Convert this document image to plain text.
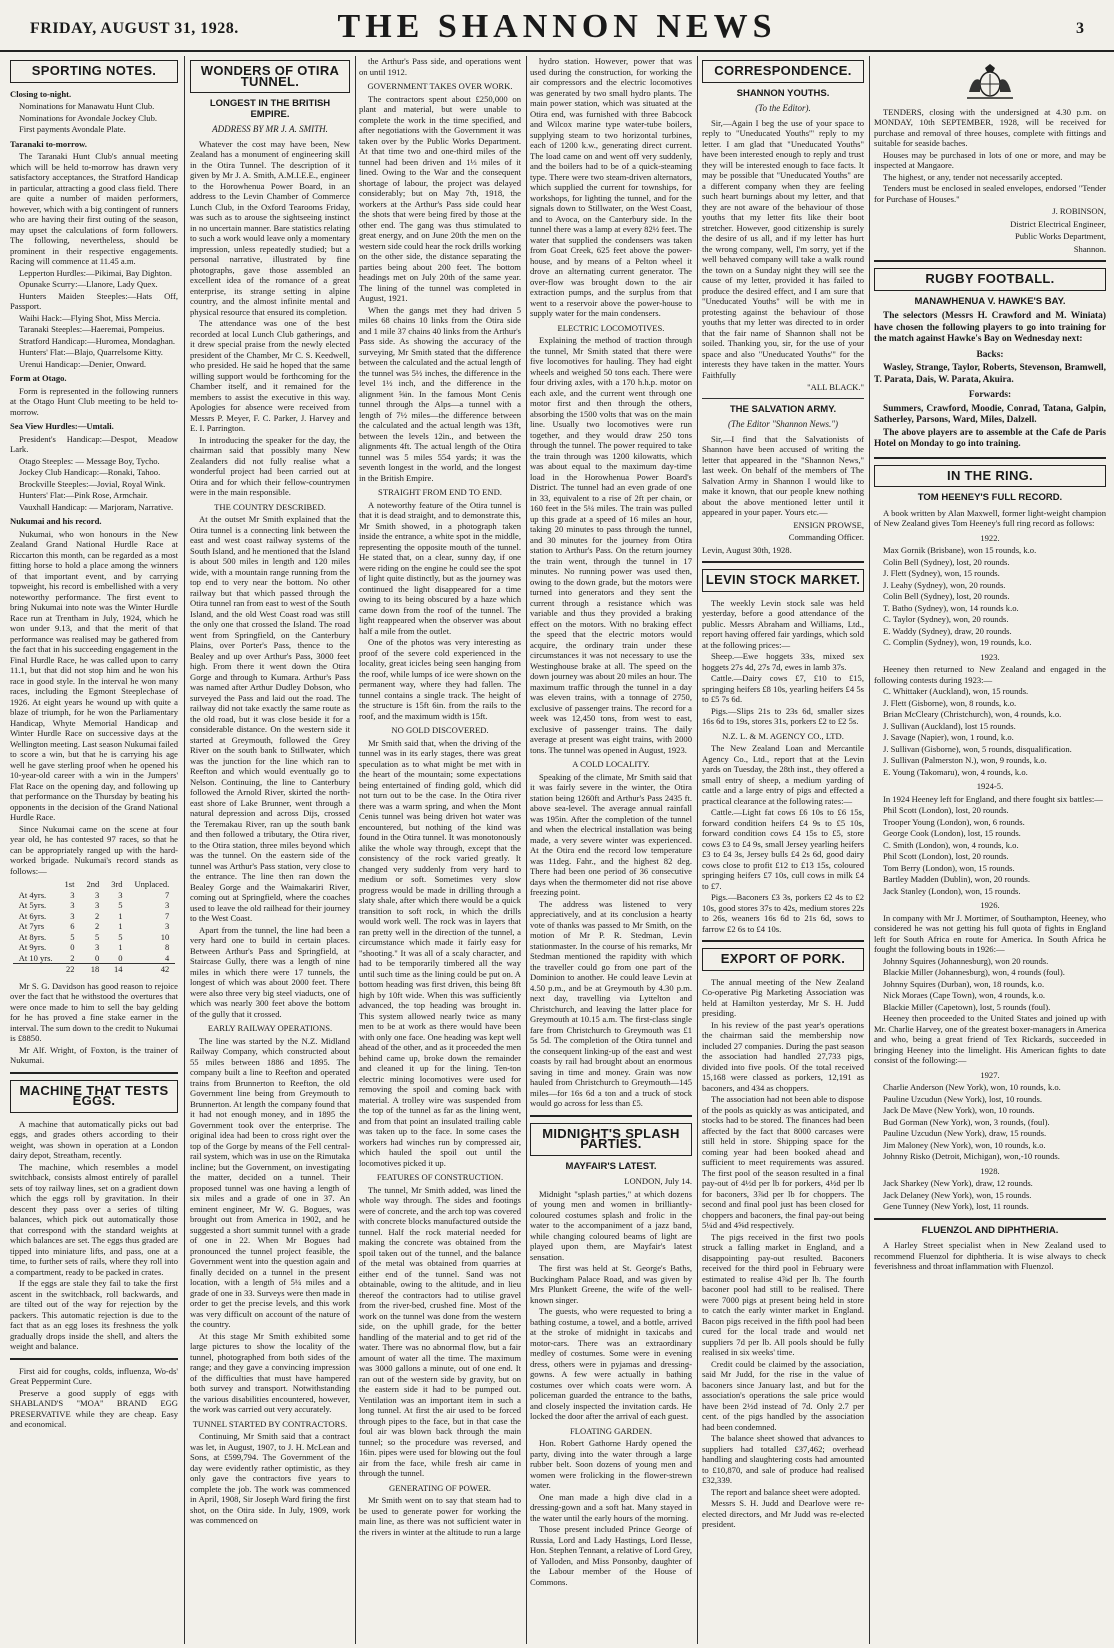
FRIDAY, AUGUST 31, 1928.	THE SHANNON NEWS	3
SPORTING NOTES.

Closing to-night.

Nominations for Manawatu Hunt Club.

Nominations for Avondale Jockey Club.

First payments Avondale Plate.

Taranaki to-morrow.

The Taranaki Hunt Club's annual meeting which will be held to-morrow has drawn very satisfactory acceptances, the Stratford Handicap in particular, attracting a good class field. There are quite a number of maiden performers, however, which with a big contingent of runners who are having their first outing of the season, may upset the calculations of form followers. The following, nevertheless, should be prominent in their respective engagements. Racing will commence at 11.45 a.m.

Lepperton Hurdles:—Pikimai, Bay Dighton.

Opunake Scurry:—Llanore, Lady Quex.

Hunters Maiden Steeples:—Hats Off, Passport.

Waihi Hack:—Flying Shot, Miss Mercia.

Taranaki Steeples:—Haeremai, Pompeius.

Stratford Handicap:—Huromea, Mondaghan.

Hunters' Flat:—Blajo, Quarrelsome Kitty.

Urenui Handicap:—Denier, Onward.

Form at Otago.

Form is represented in the following runners at the Otago Hunt Club meeting to be held to-morrow.

Sea View Hurdles:—Umtali.

President's Handicap:—Despot, Meadow Lark.

Otago Steeples: — Message Boy, Tycho.

Jockey Club Handicap:—Ronaki, Tahoo.

Brockville Steeples:—Jovial, Royal Wink.

Hunters' Flat:—Pink Rose, Armchair.

Vauxhall Handicap: — Marjoram, Narrative.

Nukumai and his record.

Nukumai, who won honours in the New Zealand Grand National Hurdle Race at Riccarton this month, can be regarded as a most fitting horse to hold a place among the winners of that important event, and by carrying topweight, his record is embellished with a very noteworthy performance. The first event to bring Nukumai into note was the Winter Hurdle Race run at Trentham in July, 1924, which he won under 9.13, and that the merit of that performance was realised may be gathered from the fact that in his succeeding engagement in the Final Hurdle Race, he was called upon to carry 11.1, but that did not stop him and he won his race in good style. In the interval he won many races, including the Egmont Steeplechase of 1926. At eight years he wound up with quite a blaze of triumph, for he won the Parliamentary Handicap, Whyte Memorial Handicap and Winter Hurdle Race on successive days at the Wellington meeting. Last season Nukumai failed to score a win, but that he is carrying his age well he gave sterling proof when he opened his 10-year-old career with a win in the Jumpers' Flat Race on the opening day, and following up that performance on the Thursday by beating his opponents in the decision of the Grand National Hurdle Race.

Since Nukumai came on the scene at four year old, he has contested 97 races, so that he can be appropriately ranged up with the hard-worked brigade. Nukumai's record stands as follows:—

	1st	2nd	3rd	Unplaced.
At 4yrs.	3	3	3	7
At 5yrs.	3	3	5	3
At 6yrs.	3	2	1	7
At 7yrs	6	2	1	3
At 8yrs.	5	5	5	10
At 9yrs.	0	3	1	8
At 10 yrs.	2	0	0	4
	22	18	14	42

Mr S. G. Davidson has good reason to rejoice over the fact that he withstood the overtures that were once made to him to sell the bay gelding for he has proved a fine stake earner in the interval. The sum down to the credit to Nukumai is £8850.

Mr Alf. Wright, of Foxton, is the trainer of Nukumai.

MACHINE THAT TESTS EGGS.

A machine that automatically picks out bad eggs, and grades others according to their weight, was shown in operation at a London dairy depot, Streatham, recently.

The machine, which resembles a model switchback, consists almost entirely of parallel sets of toy railway lines, set on a gradient down which the eggs roll by gravitation. In their descent they pass over a series of tilting balances, which pick out automatically those that correspond with the standard weights at which balances are set. The eggs thus graded are tipped into miniature lifts, and pass, one at a time, to further sets of rails, where they roll into a compartment, ready to be packed in crates.

If the eggs are stale they fail to take the first ascent in the switchback, roll backwards, and are tilted out of the way for rejection by the packers. This automatic rejection is due to the fact that as an egg loses its freshness the yolk gradually drops inside the shell, and alters the weight and balance.

First aid for coughs, colds, influenza, Wo-ds' Great Peppermint Cure.

Preserve a good supply of eggs with SHABLAND'S "MOA" BRAND EGG PRESERVATIVE while they are cheap. Easy and economical.

WONDERS OF OTIRA TUNNEL.
LONGEST IN THE BRITISH EMPIRE.
ADDRESS BY MR J. A. SMITH.

Whatever the cost may have been, New Zealand has a monument of engineering skill in the Otira Tunnel. The description of it given by Mr J. A. Smith, A.M.I.E.E., engineer to the Horowhenua Power Board, in an address to the Levin Chamber of Commerce Lunch Club, in the Oxford Tearooms Friday, was such as to arouse the sightseeing instinct in no uncertain manner. Bare statistics relating to such a work would leave only a momentary impression, unless repeatedly studied; but a personal narrative, illustrated by fine photographs, gave those assembled an excellent idea of the romance of a great enterprise, its strange setting in alpine country, and the almost infinite mental and physical resource that ensured its completion.

The attendance was one of the best recorded at local Lunch Club gatherings, and it drew special praise from the newly elected president of the Chamber, Mr C. S. Keedwell, who presided. He said he hoped that the same willing support would be forthcoming for the Chamber itself, and it remained for the members to assist the executive in this way. Apologies for absence were received from Messrs P. Meyer, F. C. Parker, J. Harvey and E. I. Parrington.

In introducing the speaker for the day, the chairman said that possibly many New Zealanders did not fully realise what a wonderful project had been carried out at Otira and for which their fellow-countrymen were in the main responsible.

THE COUNTRY DESCRIBED.

At the outset Mr Smith explained that the Otira tunnel is a connecting link between the east and west coast railway systems of the South Island, and he mentioned that the Island is about 500 miles in length and 120 miles wide, with a mountain range running from the top end to very near the bottom. No other railway but that which passed through the Otira tunnel ran from east to west of the South Island, and the old West Coast road was still the only one that crossed the Island. The road went from Springfield, on the Canterbury Plains, over Porter's Pass, thence to the Bealey and up over Arthur's Pass, 3000 feet high. From there it went down the Otira Gorge and through to Kumara. Arthur's Pass was named after Arthur Dudley Dobson, who surveyed the Pass and laid out the road. The railway did not take exactly the same route as the old road, but it was close beside it for a considerable distance. On the western side it started at Greymouth, followed the Grey River on the south bank to Stillwater, which was the junction for the line which ran to Reefton and which would eventually go to Nelson. Continuing, the line to Canterbury followed the Arnold River, skirted the north-east shore of Lake Brunner, went through a natural depression and across Dijs, crossed the Teremakau River, ran up the south bank and then followed a tributary, the Otira river, to the Otira station, three miles beyond which was the tunnel. On the eastern side of the tunnel was Arthur's Pass station, very close to the entrance. The line then ran down the Bealey Gorge and the Waimakariri River, coming out at Springfield, where the coaches used to leave the old railhead for their journey to the West Coast.

Apart from the tunnel, the line had been a very hard one to build in certain places. Between Arthur's Pass and Springfield, at Staircase Gully, there was a length of nine miles in which there were 17 tunnels, the longest of which was about 2000 feet. There were also three very big steel viaducts, one of which was nearly 300 feet above the bottom of the gully that it crossed.

EARLY RAILWAY OPERATIONS.

The line was started by the N.Z. Midland Railway Company, which constructed about 55 miles between 1886 and 1895. The company built a line to Reefton and operated trains from Brunnerton to Reefton, the old Government line being from Greymouth to Brunnerton. At length the company found that it had not enough money, and in 1895 the Government took over the enterprise. The original idea had been to cross right over the top of the Gorge by means of the Fell central-rail system, which was in use on the Rimutaka incline; but the Government, on investigating the matter, decided on a tunnel. Their proposed tunnel was one having a length of six miles and a grade of one in 37. An eminent engineer, Mr W. G. Bogues, was brought out from America in 1902, and he suggested a short summit tunnel with a grade of one in 22. When Mr Bogues had pronounced the tunnel project feasible, the Government went into the question again and finally decided on a tunnel in the present location, with a length of 5¼ miles and a grade of one in 33. Surveys were then made in order to get the precise levels, and this work was very difficult on account of the nature of the country.

At this stage Mr Smith exhibited some large pictures to show the locality of the tunnel, photographed from both sides of the range; and they gave a convincing impression of the difficulties that must have hampered both survey and transport. Notwithstanding the various disabilities encountered, however, the work was carried out very accurately.

TUNNEL STARTED BY CONTRACTORS.

Continuing, Mr Smith said that a contract was let, in August, 1907, to J. H. McLean and Sons, at £599,794. The Government of the day were evidently rather optimistic, as they only gave the contractors five years to complete the job. The work was commenced in April, 1908, Sir Joseph Ward firing the first shot, on the Otira side. In July, 1909, work was commenced on

the Arthur's Pass side, and operations went on until 1912.

GOVERNMENT TAKES OVER WORK.

The contractors spent about £250,000 on plant and material, but were unable to complete the work in the time specified, and after negotiations with the Government it was taken over by the Public Works Department. At that time two and one-third miles of the tunnel had been driven and 1⅓ miles of it lined. Owing to the War and the consequent shortage of labour, the project was delayed considerably; but on May 7th, 1918, the workers at the Arthur's Pass side could hear the shots that were being fired by those at the other end. The gang was thus stimulated to great energy, and on June 20th the men on the western side could hear the rock drills working on the other side, the distance separating the parties being about 200 feet. The bottom headings met on July 20th of the same year. The lining of the tunnel was completed in August, 1921.

When the gangs met they had driven 5 miles 68 chains 10 links from the Otira side and 1 mile 37 chains 40 links from the Arthur's Pass side. As showing the accuracy of the surveying, Mr Smith stated that the difference between the calculated and the actual length of the tunnel was 5½ inches, the difference in the level 1½ inch, and the difference in the alignment ⅝in. In the famous Mont Cenis tunnel through the Alps—a tunnel with a length of 7½ miles—the difference between the calculated and the actual length was 13ft, between the levels 12in., and between the alignments 4ft. The actual length of the Otira tunnel was 5 miles 554 yards; it was the seventh longest in the world, and the longest in the British Empire.

STRAIGHT FROM END TO END.

A noteworthy feature of the Otira tunnel is that it is dead straight, and to demonstrate this, Mr Smith showed, in a photograph taken inside the entrance, a white spot in the middle, representing the opposite mouth of the tunnel. He stated that, on a clear, sunny day, if one were riding on the engine he could see the spot of light quite distinctly, but as the journey was continued the light disappeared for a time owing to its being obscured by a haze which came down from the roof of the tunnel. The light reappeared when the observer was about half a mile from the outlet.

One of the photos was very interesting as proof of the severe cold experienced in the locality, great icicles being seen hanging from the roof, while lumps of ice were shown on the permanent way, where they had fallen. The tunnel contains a single track. The height of the structure is 15ft 6in. from the rails to the roof, and the maximum width is 15ft.

NO GOLD DISCOVERED.

Mr Smith said that, when the driving of the tunnel was in its early stages, there was great speculation as to what might be met with in the heart of the mountain; some expectations being entertained of finding gold, which did not turn out to be the case. In the Otira river there was a warm spring, and when the Mont Cenis tunnel was being driven hot water was encountered, but nothing of the kind was found in the Otira tunnel. It was monotonously alike the whole way through, except that the consistency of the rock varied greatly. It changed very suddenly from very hard to medium or soft. Sometimes very slow progress would be made in drilling through a slaty shale, after which there would be a quick transition to soft rock, in which the drills would work well. The rock was in layers that ran pretty well in the direction of the tunnel, a circumstance which made it fairly easy for "shooting." It was all of a scaly character, and had to be temporarily timbered all the way until such time as the lining could be put on. A bottom heading was first driven, this being 8ft high by 10ft wide. When this was sufficiently advanced, the top heading was brought in. This system allowed nearly twice as many men to be at work as there would have been with only one face. One heading was kept well ahead of the other, and as it proceeded the men behind came up, broke down the remainder and cleaned it up for the lining. Ten-ton electric mining locomotives were used for removing the spoil and coming back with material. A trolley wire was suspended from the top of the tunnel as far as the lining went, and from that point an insulated trailing cable was taken up to the face. In some cases the workers had winches run by compressed air, which hauled the spoil out until the locomotives picked it up.

FEATURES OF CONSTRUCTION.

The tunnel, Mr Smith added, was lined the whole way through. The sides and footings were of concrete, and the arch top was covered with concrete blocks manufactured outside the tunnel. Half the rock material needed for making the concrete was obtained from the spoil taken out of the tunnel, and the balance of the metal was obtained from quarries at either end of the tunnel. Sand was not obtainable, owing to the altitude, and in lieu thereof the contractors had to utilise gravel from the river-bed, crushed fine. Most of the work on the tunnel was done from the western side, on the uphill grade, for the better handling of the material and to get rid of the water. There was no abnormal flow, but a fair amount of water all the time. The maximum was 3000 gallons a minute, out of one end. It ran out of the western side by gravity, but on the eastern side it had to be pumped out. Ventilation was an important item in such a long tunnel. At first the air used to be forced through pipes to the face, but in that case the foul air was blown back through the main tunnel; so the procedure was reversed, and 16in. pipes were used for blowing out the foul air from the face, while fresh air came in through the tunnel.

GENERATING OF POWER.

Mr Smith went on to say that steam had to be used to generate power for working the main line, as there was not sufficient water in the rivers in winter at the altitude to run a large

hydro station. However, power that was used during the construction, for working the air compressors and the electric locomotives was generated by two small hydro plants. The main power station, which was situated at the Otira end, was furnished with three Babcock and Wilcox marine type water-tube boilers, supplying steam to two horizontal turbines, each of 1200 k.w., generating direct current. The load came on and went off very suddenly, and the boilers had to be of a quick-steaming type. There were two steam-driven alternators, which supplied the current for townships, for workshops, for lighting the tunnel, and for the signals down to Stillwater, on the West Coast, and to Avoca, on the Canterbury side. In the tunnel there was a lamp at every 82½ feet. The water that supplied the condensers was taken from Goat Creek, 625 feet above the power-house, and by means of a Pelton wheel it drove an alternating current generator. The over-flow was brought down to the air extraction pumps, and the surplus from that went to a reservoir above the power-house to supply water for the main condensers.

ELECTRIC LOCOMOTIVES.

Explaining the method of traction through the tunnel, Mr Smith stated that there were five locomotives for hauling. They had eight wheels and weighed 50 tons each. There were four driving axles, with a 170 h.h.p. motor on each axle, and the current went through one motor first and then through the others, absorbing the 1500 volts that was on the main line. Usually two locomotives were run together, and they would draw 250 tons through the tunnel. The power required to take the train through was 1200 kilowatts, which was about equal to the maximum day-time load in the Horowhenua Power Board's District. The tunnel had an even grade of one in 33, equivalent to a rise of 2ft per chain, or 160 feet in the 5¼ miles. The train was pulled up this grade at a speed of 16 miles an hour, taking 20 minutes to pass through the tunnel, and 30 minutes for the journey from Otira station to Arthur's Pass. On the return journey the train went, through the tunnel in 17 minutes. No running power was used then, owing to the down grade, but the motors were turned into generators and they sent the current through a resistance which was variable and thus they provided a braking effect on the motors. With no braking effect the speed that the electric motors would acquire, the ordinary train under these circumstances it was not necessary to use the Westinghouse brake at all. The speed on the down journey was about 20 miles an hour. The maximum traffic through the tunnel in a day was eleven trains, with a tonnage of 2750, exclusive of passenger trains. The record for a week was 12,450 tons, from west to east, exclusive of passenger trains. The daily average at present was eight trains, with 2000 tons. The tunnel was opened in August, 1923.

A COLD LOCALITY.

Speaking of the climate, Mr Smith said that it was fairly severe in the winter, the Otira station being 1260ft and Arthur's Pass 2435 ft. above sea-level. The average annual rainfall was 195in. After the completion of the tunnel and when the electrical installation was being made, a very severe winter was experienced. At the Otira end the record low temperature was 11deg. Fahr., and the highest 82 deg. There had been one period of 36 consecutive days when the thermometer did not rise above freezing point.

The address was listened to very appreciatively, and at its conclusion a hearty vote of thanks was passed to Mr Smith, on the motion of Mr P. R. Stedman, Levin stationmaster. In the course of his remarks, Mr Stedman mentioned the rapidity with which the traveller could go from one part of the Dominion to another. He could leave Levin at 4.50 p.m., and be at Greymouth by 4.30 p.m. next day, travelling via Lyttelton and Christchurch, and leaving the latter place for Greymouth at 10.15 a.m. The first-class single fare from Christchurch to Greymouth was £1 5s 5d. The completion of the Otira tunnel and the consequent linking-up of the east and west coasts by rail had brought about an enormous saving in time and money. Grain was now hauled from Christchurch to Greymouth—145 miles—for 16s 6d a ton and a truck of stock would go across for less than £5.

MIDNIGHT'S SPLASH PARTIES.
MAYFAIR'S LATEST.
LONDON, July 14.

Midnight "splash parties," at which dozens of young men and women in brilliantly-coloured costumes splash and frolic in the water to the accompaniment of a jazz band, while changing coloured beams of light are played upon them, are Mayfair's latest sensation.

The first was held at St. George's Baths, Buckingham Palace Road, and was given by Mrs Plunkett Greene, the wife of the well-known singer.

The guests, who were requested to bring a bathing costume, a towel, and a bottle, arrived at the stroke of midnight in taxicabs and motor-cars. There was an extraordinary medley of costumes. Some were in evening dress, others were in pyjamas and dressing-gowns. A few were actually in bathing costumes over which coats were worn. A policeman guarded the entrance to the baths, and closely inspected the invitation cards. He locked the door after the arrival of each guest.

FLOATING GARDEN.

Hon. Robert Gathorne Hardy opened the party, diving into the water through a large rubber belt. Soon dozens of young men and women were frolicking in the flower-strewn water.

One man made a high dive clad in a dressing-gown and a soft hat. Many stayed in the water until the early hours of the morning.

Those present included Prince George of Russia, Lord and Lady Hastings, Lord Ilesse, Hon. Stephen Tennant, a relative of Lord Grey, of Yalloden, and Miss Ponsonby, daughter of the Labour member of the House of Commons.

CORRESPONDENCE.
SHANNON YOUTHS.
(To the Editor).

Sir,—Again I beg the use of your space to reply to "Uneducated Youths'" reply to my letter. I am glad that "Uneducated Youths" have been interested enough to reply and trust they will be interested enough to face facts. It may be possible that "Uneducated Youths" are a different company when they are feeling such heart burnings about my letter, and that they are not aware of the behaviour of those youths that my letter fits like their boot stretcher. However, good citizenship is surely the desire of us all, and if my letter has hurt the wrong company, well, I'm sorry, yet if the well behaved company will take a walk round the town on a Sunday night they will see the cause of my letter, provided it has failed to produce the desired effect, and I am sure that "Uneducated Youths" will be with me in protesting against the behaviour of those youths that my letter was directed to in order that the fair name of Shannon shall not be soiled. Thanking you, sir, for the use of your space and also "Uneducated Youths'" for the interests they have taken in the matter. Yours Faithfully

"ALL BLACK."
THE SALVATION ARMY.
(The Editor "Shannon News.")

Sir,—I find that the Salvationists of Shannon have been accused of writing the letter that appeared in the "Shannon News," last week. On behalf of the members of The Salvation Army in Shannon I would like to make it known, that our people knew nothing about the above mentioned letter until it appeared in your paper. Yours etc.—

ENSIGN PROWSE,
Commanding Officer.
Levin, August 30th, 1928.
LEVIN STOCK MARKET.

The weekly Levin stock sale was held yesterday, before a good attendance of the public. Messrs Abraham and Williams, Ltd., report having offered fair yardings, which sold at the following prices:—

Sheep.—Ewe hoggets 33s, mixed sex hoggets 27s 4d, 27s 7d, ewes in lamb 37s.

Cattle.—Dairy cows £7, £10 to £15, springing heifers £8 10s, yearling heifers £4 5s to £5 7s 6d.

Pigs.—Slips 21s to 23s 6d, smaller sizes 16s 6d to 19s, stores 31s, porkers £2 to £2 5s.

N.Z. L. & M. AGENCY CO., LTD.

The New Zealand Loan and Mercantile Agency Co., Ltd., report that at the Levin yards on Tuesday, the 28th inst., they offered a small entry of sheep, a medium yarding of cattle and a large entry of pigs and effected a practical clearance at the following rates:—

Cattle.—Light fat cows £6 10s to £6 15s, forward condition heifers £4 9s to £5 10s, forward condition cows £4 15s to £5, store cows £3 to £4 9s, small Jersey yearling heifers £3 to £4 3s, Jersey bulls £4 2s 6d, good dairy cows close to profit £12 to £13 15s, coloured springing heifers £7 10s, cull cows in milk £4 to £7.

Pigs.—Baconers £3 3s, porkers £2 4s to £2 10s, good stores 37s to 42s, medium stores 22s to 26s, weaners 16s 6d to 21s 6d, sows to farrow £2 6s to £4 10s.

EXPORT OF PORK.

The annual meeting of the New Zealand Co-operative Pig Marketing Association was held at Hamilton yesterday, Mr S. H. Judd presiding.

In his review of the past year's operations the chairman said the membership now included 27 companies. During the past season the association had handled 27,733 pigs, divided into five pools. Of the total received 15,168 were classed as porkers, 12,191 as baconers, and 434 as choppers.

The association had not been able to dispose of the pools as quickly as was anticipated, and stocks had to be stored. The finances had been affected by the fact that 8000 carcases were still held in store. Shipping space for the coming year had been booked ahead and sufficient to meet requirements was assured. The first pool of the season resulted in a final pay-out of 4½d per lb for porkers, 4½d per lb for baconers, 3⅞d per lb for choppers. The second and final pool just has been closed for choppers and baconers, the final pay-out being 5¼d and 4⅝d respectively.

The pigs received in the first two pools struck a falling market in England, and a disappointing pay-out resulted. Baconers received for the third pool in February were estimated to realise 4⅞d per lb. The fourth baconer pool had still to be realised. There were 7000 pigs at present being held in store to catch the early winter market in England. Bacon pigs received in the fifth pool had been cured for the local trade and would net suppliers 7d per lb. All pools should be fully realised in six weeks' time.

Credit could be claimed by the association, said Mr Judd, for the rise in the value of baconers since January last, and but for the association's operations the sale price would have been 2½d instead of 7d. Only 2.7 per cent. of the pigs handled by the association had been condemned.

The balance sheet showed that advances to suppliers had totalled £37,462; overhead handling and slaughtering costs had amounted to £10,870, and sale of produce had realised £32,339.

The report and balance sheet were adopted.

Messrs S. H. Judd and Dearlove were re-elected directors, and Mr Judd was re-elected president.

TENDERS, closing with the undersigned at 4.30 p.m. on MONDAY, 10th SEPTEMBER, 1928, will be received for purchase and removal of three houses, complete with fittings and suitable for seaside baches.

Houses may be purchased in lots of one or more, and may be inspected at Mangaore.

The highest, or any, tender not necessarily accepted.

Tenders must be enclosed in sealed envelopes, endorsed "Tender for Purchase of Houses."

J. ROBINSON,
District Electrical Engineer,
Public Works Department,
Shannon.
RUGBY FOOTBALL.
MANAWHENUA V. HAWKE'S BAY.

The selectors (Messrs H. Crawford and M. Winiata) have chosen the following players to go into training for the match against Hawke's Bay on Wednesday next:

Backs:

Wasley, Strange, Taylor, Roberts, Stevenson, Bramwell, T. Parata, Dais, W. Parata, Akuira.

Forwards:

Summers, Crawford, Moodie, Conrad, Tatana, Galpin, Satherley, Parsons, Ward, Miles, Dalzell.

The above players are to assemble at the Cafe de Paris Hotel on Monday to go into training.

IN THE RING.
TOM HEENEY'S FULL RECORD.

A book written by Alan Maxwell, former light-weight champion of New Zealand gives Tom Heeney's full ring record as follows:

1922.

Max Gornik (Brisbane), won 15 rounds, k.o.

Colin Bell (Sydney), lost, 20 rounds.

J. Flett (Sydney), won, 15 rounds.

J. Leahy (Sydney), won, 20 rounds.

Colin Bell (Sydney), lost, 20 rounds.

T. Batho (Sydney), won, 14 rounds k.o.

C. Taylor (Sydney), won, 20 rounds.

E. Waddy (Sydney), draw, 20 rounds.

C. Complin (Sydney), won, 19 rounds, k.o.

1923.

Heeney then returned to New Zealand and engaged in the following contests during 1923:—

C. Whittaker (Auckland), won, 15 rounds.

J. Flett (Gisborne), won, 8 rounds, k.o.

Brian McCleary (Christchurch), won, 4 rounds, k.o.

J. Sullivan (Auckland), lost 15 rounds.

J. Savage (Napier), won, 1 round, k.o.

J. Sullivan (Gisborne), won, 5 rounds, disqualification.

J. Sullivan (Palmerston N.), won, 9 rounds, k.o.

E. Young (Takomaru), won, 4 rounds, k.o.

1924-5.

In 1924 Heeney left for England, and there fought six battles:—

Phil Scott (London), lost, 20 rounds.

Trooper Young (London), won, 6 rounds.

George Cook (London), lost, 15 rounds.

C. Smith (London), won, 4 rounds, k.o.

Phil Scott (London), lost, 20 rounds.

Tom Berry (London), won, 15 rounds.

Bartley Madden (Dublin), won, 20 rounds.

Jack Stanley (London), won, 15 rounds.

1926.

In company with Mr J. Mortimer, of Southampton, Heeney, who considered he was not getting his full quota of fights in England left for South Africa en route for America. In South Africa he fought the following bouts in 1926:—

Johnny Squires (Johannesburg), won 20 rounds.

Blackie Miller (Johannesburg), won, 4 rounds (foul).

Johnny Squires (Durban), won, 18 rounds, k.o.

Nick Moraes (Cape Town), won, 4 rounds, k.o.

Blackie Miller (Capetown), lost, 5 rounds (foul).

Heeney then proceeded to the United States and joined up with Mr. Charlie Harvey, one of the greatest boxer-managers in America and who, being a great friend of Tex Rickards, succeeded in bringing Heeney into the limelight. His American fights to date consist of the following:—

1927.

Charlie Anderson (New York), won, 10 rounds, k.o.

Pauline Uzcudun (New York), lost, 10 rounds.

Jack De Mave (New York), won, 10 rounds.

Bud Gorman (New York), won, 3 rounds, (foul).

Pauline Uzcudun (New York), draw, 15 rounds.

Jim Maloney (New York), won, 10 rounds, k.o.

Johnny Risko (Detroit, Michigan), won,-10 rounds.

1928.

Jack Sharkey (New York), draw, 12 rounds.

Jack Delaney (New York), won, 15 rounds.

Gene Tunney (New York), lost, 11 rounds.

FLUENZOL AND DIPHTHERIA.

A Harley Street specialist when in New Zealand used to recommend Fluenzol for diphtheria. It is wise always to check feverishness and throat inflammation with Fluenzol.
